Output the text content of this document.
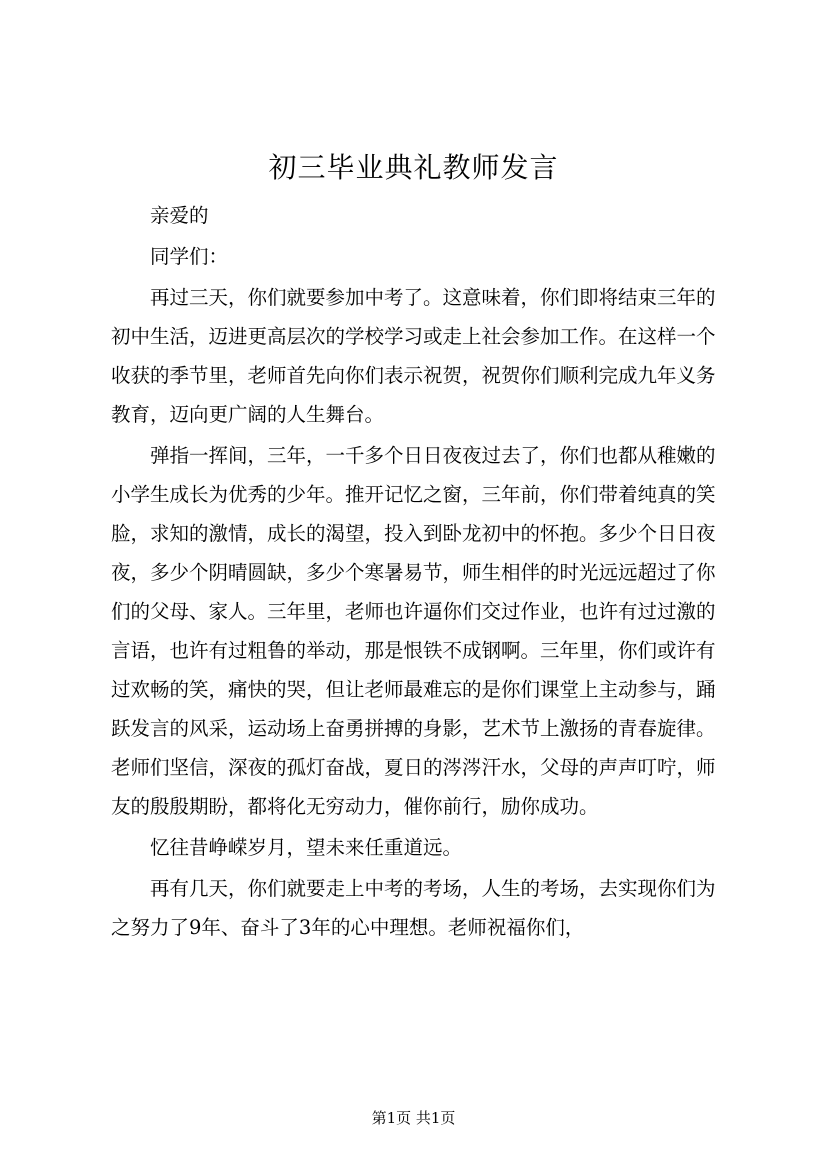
初三毕业典礼教师发言

亲爱的

同学们：

再过三天，你们就要参加中考了。这意味着，你们即将结束三年的初中生活，迈进更高层次的学校学习或走上社会参加工作。在这样一个收获的季节里，老师首先向你们表示祝贺，祝贺你们顺利完成九年义务教育，迈向更广阔的人生舞台。

弹指一挥间，三年，一千多个日日夜夜过去了，你们也都从稚嫩的小学生成长为优秀的少年。推开记忆之窗，三年前，你们带着纯真的笑脸，求知的激情，成长的渴望，投入到卧龙初中的怀抱。多少个日日夜夜，多少个阴晴圆缺，多少个寒暑易节，师生相伴的时光远远超过了你们的父母、家人。三年里，老师也许逼你们交过作业，也许有过过激的言语，也许有过粗鲁的举动，那是恨铁不成钢啊。三年里，你们或许有过欢畅的笑，痛快的哭，但让老师最难忘的是你们课堂上主动参与，踊跃发言的风采，运动场上奋勇拼搏的身影，艺术节上激扬的青春旋律。老师们坚信，深夜的孤灯奋战，夏日的涔涔汗水，父母的声声叮咛，师友的殷殷期盼，都将化无穷动力，催你前行，励你成功。

忆往昔峥嵘岁月，望未来任重道远。

再有几天，你们就要走上中考的考场，人生的考场，去实现你们为之努力了9年、奋斗了3年的心中理想。老师祝福你们，

第1页 共1页
